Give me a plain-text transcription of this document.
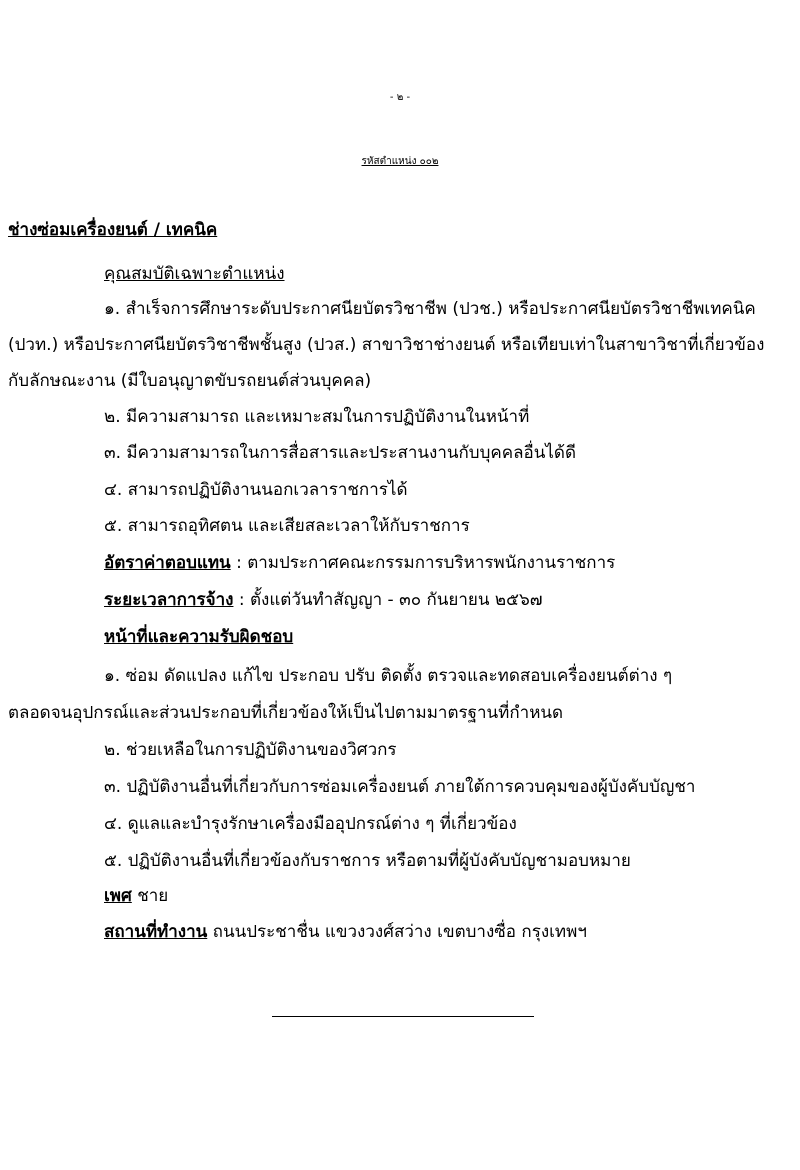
- ๒ -
รหัสตำแหน่ง ๐๐๒
ช่างซ่อมเครื่องยนต์ / เทคนิค
คุณสมบัติเฉพาะตำแหน่ง
๑. สำเร็จการศึกษาระดับประกาศนียบัตรวิชาชีพ (ปวช.) หรือประกาศนียบัตรวิชาชีพเทคนิค
(ปวท.) หรือประกาศนียบัตรวิชาชีพชั้นสูง (ปวส.) สาขาวิชาช่างยนต์ หรือเทียบเท่าในสาขาวิชาที่เกี่ยวข้อง
กับลักษณะงาน (มีใบอนุญาตขับรถยนต์ส่วนบุคคล)
๒. มีความสามารถ และเหมาะสมในการปฏิบัติงานในหน้าที่
๓. มีความสามารถในการสื่อสารและประสานงานกับบุคคลอื่นได้ดี
๔. สามารถปฏิบัติงานนอกเวลาราชการได้
๕. สามารถอุทิศตน และเสียสละเวลาให้กับราชการ
อัตราค่าตอบแทน : ตามประกาศคณะกรรมการบริหารพนักงานราชการ
ระยะเวลาการจ้าง : ตั้งแต่วันทำสัญญา - ๓๐ กันยายน ๒๕๖๗
หน้าที่และความรับผิดชอบ
๑. ซ่อม ดัดแปลง แก้ไข ประกอบ ปรับ ติดตั้ง ตรวจและทดสอบเครื่องยนต์ต่าง ๆ
ตลอดจนอุปกรณ์และส่วนประกอบที่เกี่ยวข้องให้เป็นไปตามมาตรฐานที่กำหนด
๒. ช่วยเหลือในการปฏิบัติงานของวิศวกร
๓. ปฏิบัติงานอื่นที่เกี่ยวกับการซ่อมเครื่องยนต์ ภายใต้การควบคุมของผู้บังคับบัญชา
๔. ดูแลและบำรุงรักษาเครื่องมืออุปกรณ์ต่าง ๆ ที่เกี่ยวข้อง
๕. ปฏิบัติงานอื่นที่เกี่ยวข้องกับราชการ หรือตามที่ผู้บังคับบัญชามอบหมาย
เพศ ชาย
สถานที่ทำงาน ถนนประชาชื่น แขวงวงศ์สว่าง เขตบางซื่อ กรุงเทพฯ
